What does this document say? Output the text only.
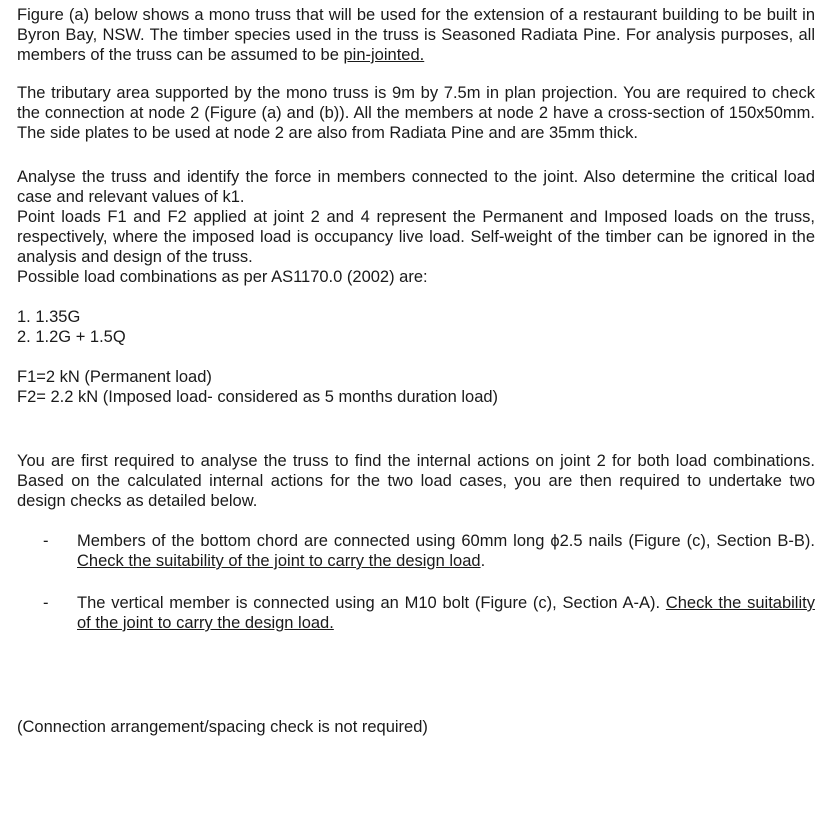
Figure (a) below shows a mono truss that will be used for the extension of a restaurant building to be built in Byron Bay, NSW. The timber species used in the truss is Seasoned Radiata Pine. For analysis purposes, all members of the truss can be assumed to be pin-jointed.

The tributary area supported by the mono truss is 9m by 7.5m in plan projection. You are required to check the connection at node 2 (Figure (a) and (b)). All the members at node 2 have a cross-section of 150x50mm. The side plates to be used at node 2 are also from Radiata Pine and are 35mm thick.

Analyse the truss and identify the force in members connected to the joint. Also determine the critical load case and relevant values of k1.

Point loads F1 and F2 applied at joint 2 and 4 represent the Permanent and Imposed loads on the truss, respectively, where the imposed load is occupancy live load. Self-weight of the timber can be ignored in the analysis and design of the truss.

Possible load combinations as per AS1170.0 (2002) are:

1. 1.35G

2. 1.2G + 1.5Q

F1=2 kN (Permanent load)

F2= 2.2 kN (Imposed load- considered as 5 months duration load)

You are first required to analyse the truss to find the internal actions on joint 2 for both load combinations. Based on the calculated internal actions for the two load cases, you are then required to undertake two design checks as detailed below.

- Members of the bottom chord are connected using 60mm long ϕ2.5 nails (Figure (c), Section B-B). Check the suitability of the joint to carry the design load.
- The vertical member is connected using an M10 bolt (Figure (c), Section A-A). Check the suitability of the joint to carry the design load.

(Connection arrangement/spacing check is not required)
